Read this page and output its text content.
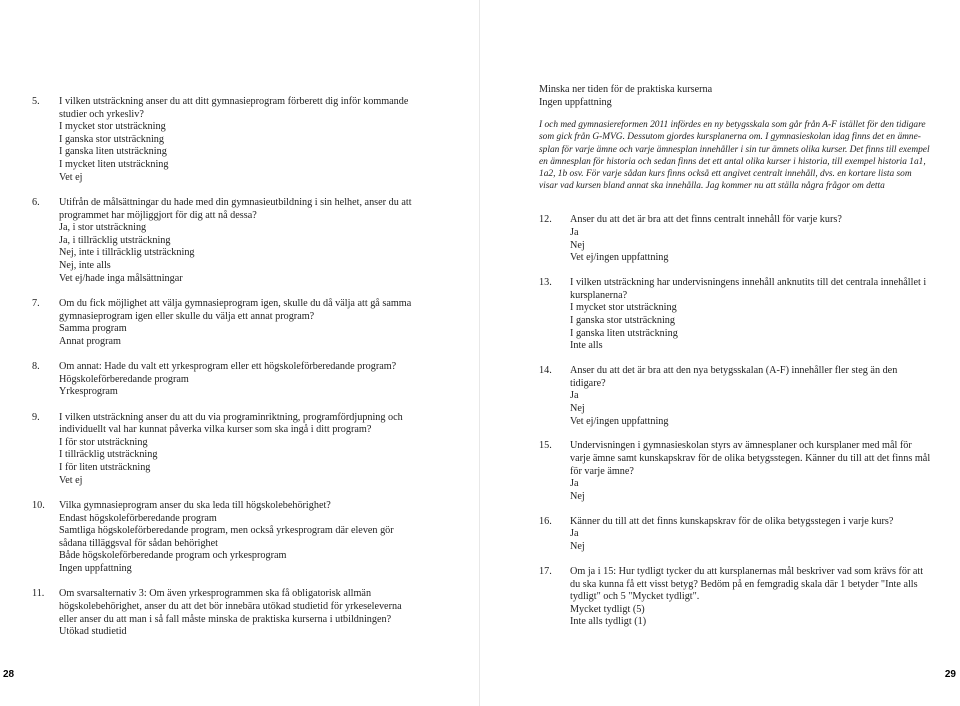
5. I vilken utsträckning anser du att ditt gymnasieprogram förberett dig inför kommande studier och yrkesliv?
I mycket stor utsträckning
I ganska stor utsträckning
I ganska liten utsträckning
I mycket liten utsträckning
Vet ej
6. Utifrån de målsättningar du hade med din gymnasieutbildning i sin helhet, anser du att programmet har möjliggjort för dig att nå dessa?
Ja, i stor utsträckning
Ja, i tillräcklig utsträckning
Nej, inte i tillräcklig utsträckning
Nej, inte alls
Vet ej/hade inga målsättningar
7. Om du fick möjlighet att välja gymnasieprogram igen, skulle du då välja att gå samma gymnasieprogram igen eller skulle du välja ett annat program?
Samma program
Annat program
8. Om annat: Hade du valt ett yrkesprogram eller ett högskoleförberedande program?
Högskoleförberedande program
Yrkesprogram
9. I vilken utsträckning anser du att du via programinriktning, programfördjupning och individuellt val har kunnat påverka vilka kurser som ska ingå i ditt program?
I för stor utsträckning
I tillräcklig utsträckning
I för liten utsträckning
Vet ej
10. Vilka gymnasieprogram anser du ska leda till högskolebehörighet?
Endast högskoleförberedande program
Samtliga högskoleförberedande program, men också yrkesprogram där eleven gör sådana tilläggsval för sådan behörighet
Både högskoleförberedande program och yrkesprogram
Ingen uppfattning
11. Om svarsalternativ 3: Om även yrkesprogrammen ska få obligatorisk allmän högskolebehörighet, anser du att det bör innebära utökad studietid för yrkeseleverna eller anser du att man i så fall måste minska de praktiska kurserna i utbildningen?
Utökad studietid
28
Minska ner tiden för de praktiska kurserna
Ingen uppfattning

I och med gymnasiereformen 2011 infördes en ny betygsskala som går från A-F istället för den tidigare som gick från G-MVG. Dessutom gjordes kursplanerna om. I gymnasieskolan idag finns det en ämnesplan för varje ämne och varje ämnesplan innehåller i sin tur ämnets olika kurser. Det finns till exempel en ämnesplan för historia och sedan finns det ett antal olika kurser i historia, till exempel historia 1a1, 1a2, 1b osv. För varje sådan kurs finns också ett angivet centralt innehåll, dvs. en kortare lista som visar vad kursen bland annat ska innehålla. Jag kommer nu att ställa några frågor om detta

12. Anser du att det är bra att det finns centralt innehåll för varje kurs?
Ja
Nej
Vet ej/ingen uppfattning
13. I vilken utsträckning har undervisningens innehåll anknutits till det centrala innehållet i kursplanerna?
I mycket stor utsträckning
I ganska stor utsträckning
I ganska liten utsträckning
Inte alls
14. Anser du att det är bra att den nya betygsskalan (A-F) innehåller fler steg än den tidigare?
Ja
Nej
Vet ej/ingen uppfattning
15. Undervisningen i gymnasieskolan styrs av ämnesplaner och kursplaner med mål för varje ämne samt kunskapskrav för de olika betygsstegen. Känner du till att det finns mål för varje ämne?
Ja
Nej
16. Känner du till att det finns kunskapskrav för de olika betygsstegen i varje kurs?
Ja
Nej
17. Om ja i 15: Hur tydligt tycker du att kursplanernas mål beskriver vad som krävs för att du ska kunna få ett visst betyg? Bedöm på en femgradig skala där 1 betyder "Inte alls tydligt" och 5 "Mycket tydligt".
Mycket tydligt (5)
Inte alls tydligt (1)
29
